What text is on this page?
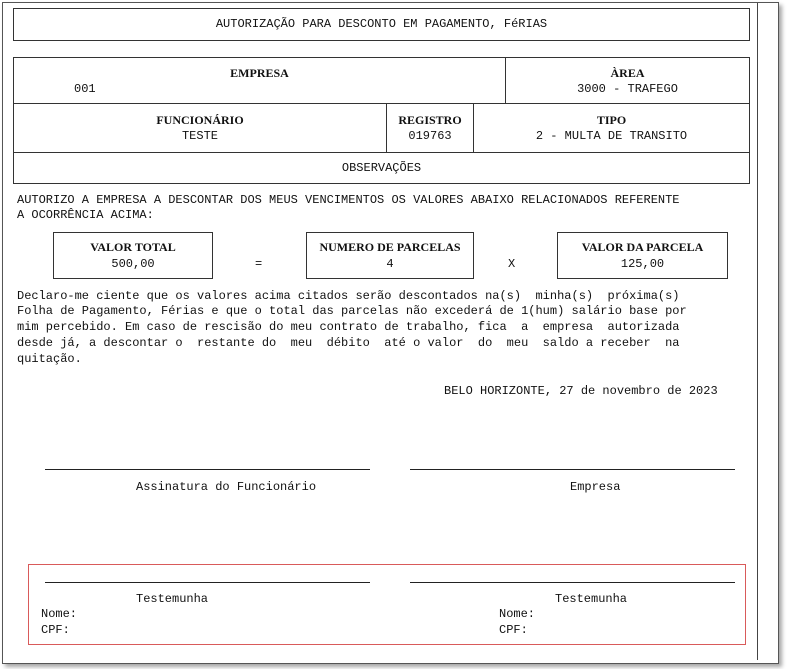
AUTORIZAÇÃO PARA DESCONTO EM PAGAMENTO, FéRIAS
EMPRESA
001
ÀREA
3000 - TRAFEGO
FUNCIONÁRIO
TESTE
REGISTRO
019763
TIPO
2 - MULTA DE TRANSITO
OBSERVAÇÕES
AUTORIZO A EMPRESA A DESCONTAR DOS MEUS VENCIMENTOS OS VALORES ABAIXO RELACIONADOS REFERENTE
A OCORRÊNCIA ACIMA:
VALOR TOTAL
500,00	=
NUMERO DE PARCELAS
4	X
VALOR DA PARCELA
125,00
Declaro-me ciente que os valores acima citados serão descontados na(s)  minha(s)  próxima(s)
Folha de Pagamento, Férias e que o total das parcelas não excederá de 1(hum) salário base por
mim percebido. Em caso de rescisão do meu contrato de trabalho, fica  a  empresa  autorizada
desde já, a descontar o  restante do  meu  débito  até o valor  do  meu  saldo a receber  na
quitação.
BELO HORIZONTE, 27 de novembro de 2023
Assinatura do Funcionário	Empresa
Testemunha
Nome:
CPF:
Testemunha
Nome:
CPF:
